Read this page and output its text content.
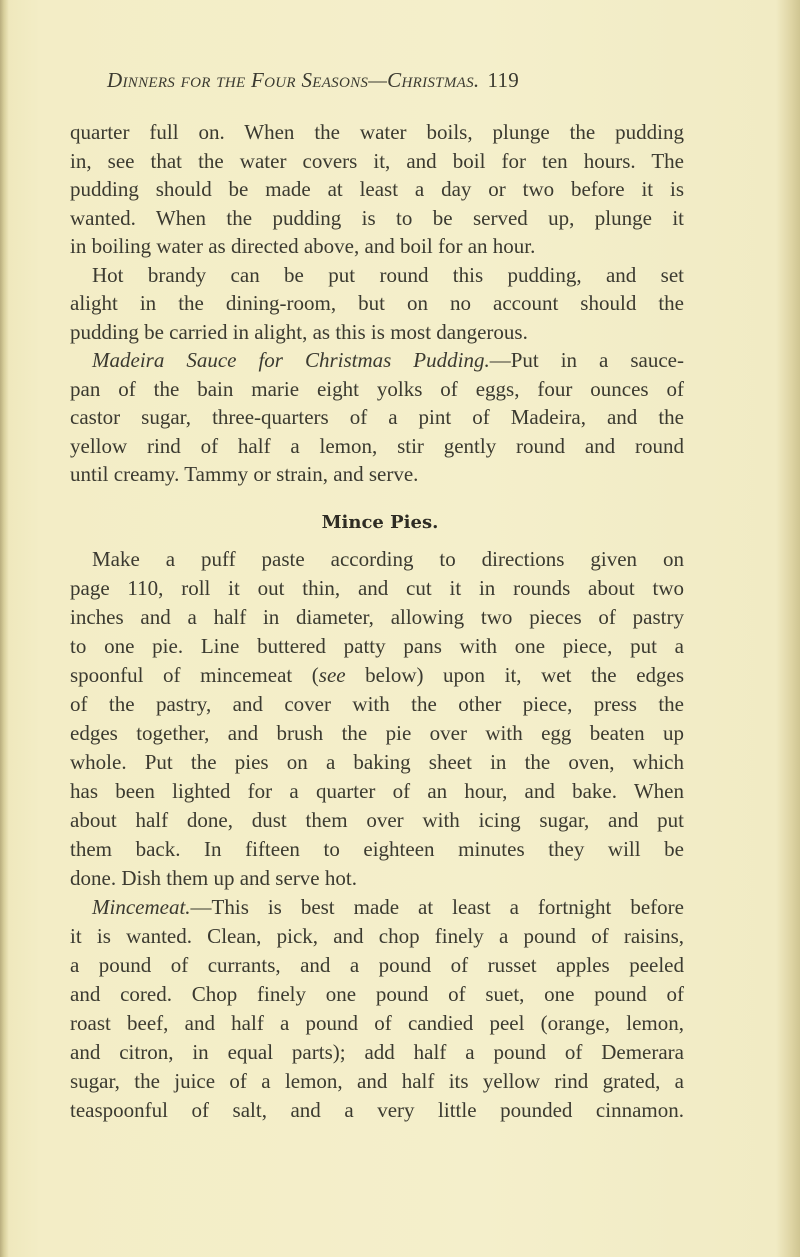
Dinners for the Four Seasons—Christmas. 119
quarter full on. When the water boils, plunge the pudding
in, see that the water covers it, and boil for ten hours. The
pudding should be made at least a day or two before it is
wanted. When the pudding is to be served up, plunge it
in boiling water as directed above, and boil for an hour.
Hot brandy can be put round this pudding, and set
alight in the dining-room, but on no account should the
pudding be carried in alight, as this is most dangerous.
Madeira Sauce for Christmas Pudding.—Put in a sauce-
pan of the bain marie eight yolks of eggs, four ounces of
castor sugar, three-quarters of a pint of Madeira, and the
yellow rind of half a lemon, stir gently round and round
until creamy. Tammy or strain, and serve.
Mince Pies.
Make a puff paste according to directions given on
page 110, roll it out thin, and cut it in rounds about two
inches and a half in diameter, allowing two pieces of pastry
to one pie. Line buttered patty pans with one piece, put a
spoonful of mincemeat (see below) upon it, wet the edges
of the pastry, and cover with the other piece, press the
edges together, and brush the pie over with egg beaten up
whole. Put the pies on a baking sheet in the oven, which
has been lighted for a quarter of an hour, and bake. When
about half done, dust them over with icing sugar, and put
them back. In fifteen to eighteen minutes they will be
done. Dish them up and serve hot.
Mincemeat.—This is best made at least a fortnight before
it is wanted. Clean, pick, and chop finely a pound of raisins,
a pound of currants, and a pound of russet apples peeled
and cored. Chop finely one pound of suet, one pound of
roast beef, and half a pound of candied peel (orange, lemon,
and citron, in equal parts); add half a pound of Demerara
sugar, the juice of a lemon, and half its yellow rind grated, a
teaspoonful of salt, and a very little pounded cinnamon.
